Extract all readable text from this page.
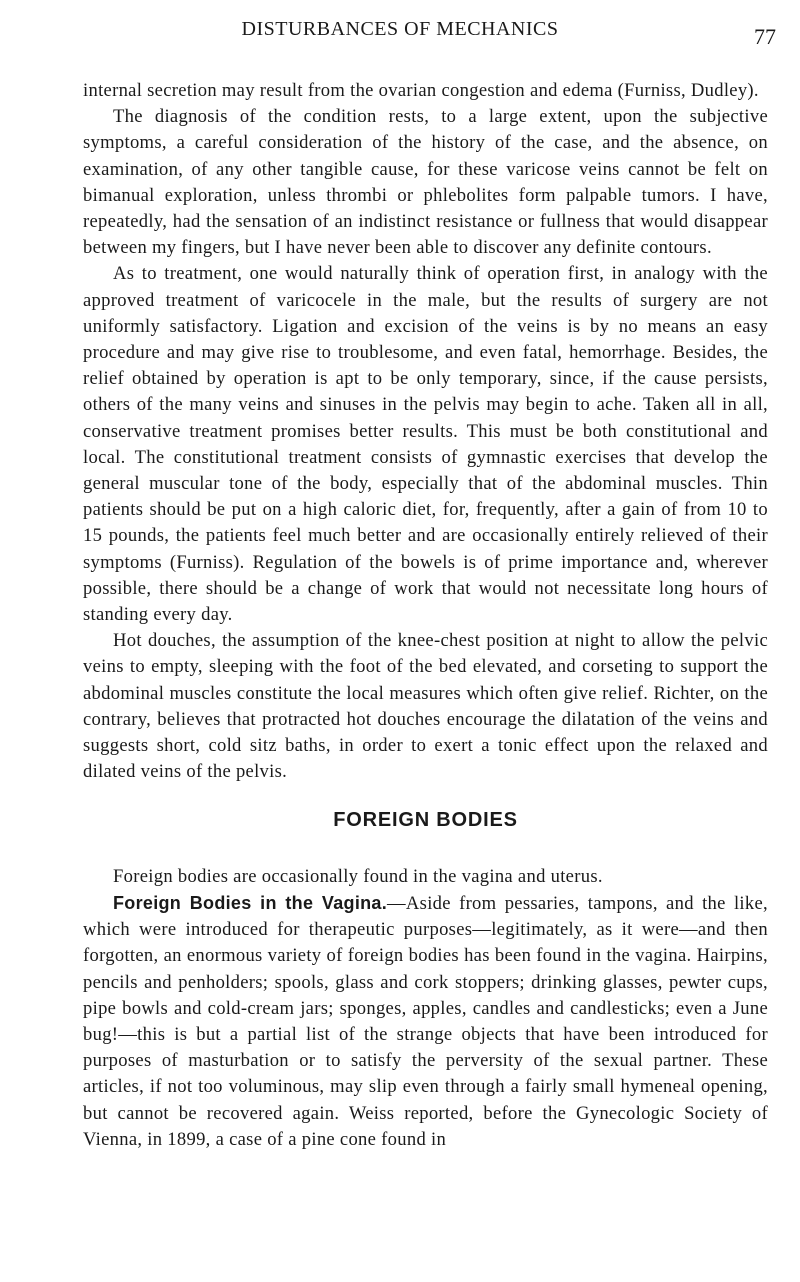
DISTURBANCES OF MECHANICS	77

internal secretion may result from the ovarian congestion and edema (Furniss, Dudley).

The diagnosis of the condition rests, to a large extent, upon the subjective symptoms, a careful consideration of the history of the case, and the absence, on examination, of any other tangible cause, for these varicose veins cannot be felt on bimanual exploration, unless thrombi or phlebolites form palpable tumors. I have, repeatedly, had the sensation of an indistinct resistance or fullness that would disappear between my fingers, but I have never been able to discover any definite contours.

As to treatment, one would naturally think of operation first, in analogy with the approved treatment of varicocele in the male, but the results of surgery are not uniformly satisfactory. Ligation and excision of the veins is by no means an easy procedure and may give rise to troublesome, and even fatal, hemorrhage. Besides, the relief obtained by operation is apt to be only temporary, since, if the cause persists, others of the many veins and sinuses in the pelvis may begin to ache. Taken all in all, conservative treatment promises better results. This must be both constitutional and local. The constitutional treatment consists of gymnastic exercises that develop the general muscular tone of the body, especially that of the abdominal muscles. Thin patients should be put on a high caloric diet, for, frequently, after a gain of from 10 to 15 pounds, the patients feel much better and are occasionally entirely relieved of their symptoms (Furniss). Regulation of the bowels is of prime importance and, wherever possible, there should be a change of work that would not necessitate long hours of standing every day.

Hot douches, the assumption of the knee-chest position at night to allow the pelvic veins to empty, sleeping with the foot of the bed elevated, and corseting to support the abdominal muscles constitute the local measures which often give relief. Richter, on the contrary, believes that protracted hot douches encourage the dilatation of the veins and suggests short, cold sitz baths, in order to exert a tonic effect upon the relaxed and dilated veins of the pelvis.

FOREIGN BODIES

Foreign bodies are occasionally found in the vagina and uterus.

Foreign Bodies in the Vagina.—Aside from pessaries, tampons, and the like, which were introduced for therapeutic purposes—legitimately, as it were—and then forgotten, an enormous variety of foreign bodies has been found in the vagina. Hairpins, pencils and penholders; spools, glass and cork stoppers; drinking glasses, pewter cups, pipe bowls and cold-cream jars; sponges, apples, candles and candlesticks; even a June bug!—this is but a partial list of the strange objects that have been introduced for purposes of masturbation or to satisfy the perversity of the sexual partner. These articles, if not too voluminous, may slip even through a fairly small hymeneal opening, but cannot be recovered again. Weiss reported, before the Gynecologic Society of Vienna, in 1899, a case of a pine cone found in
